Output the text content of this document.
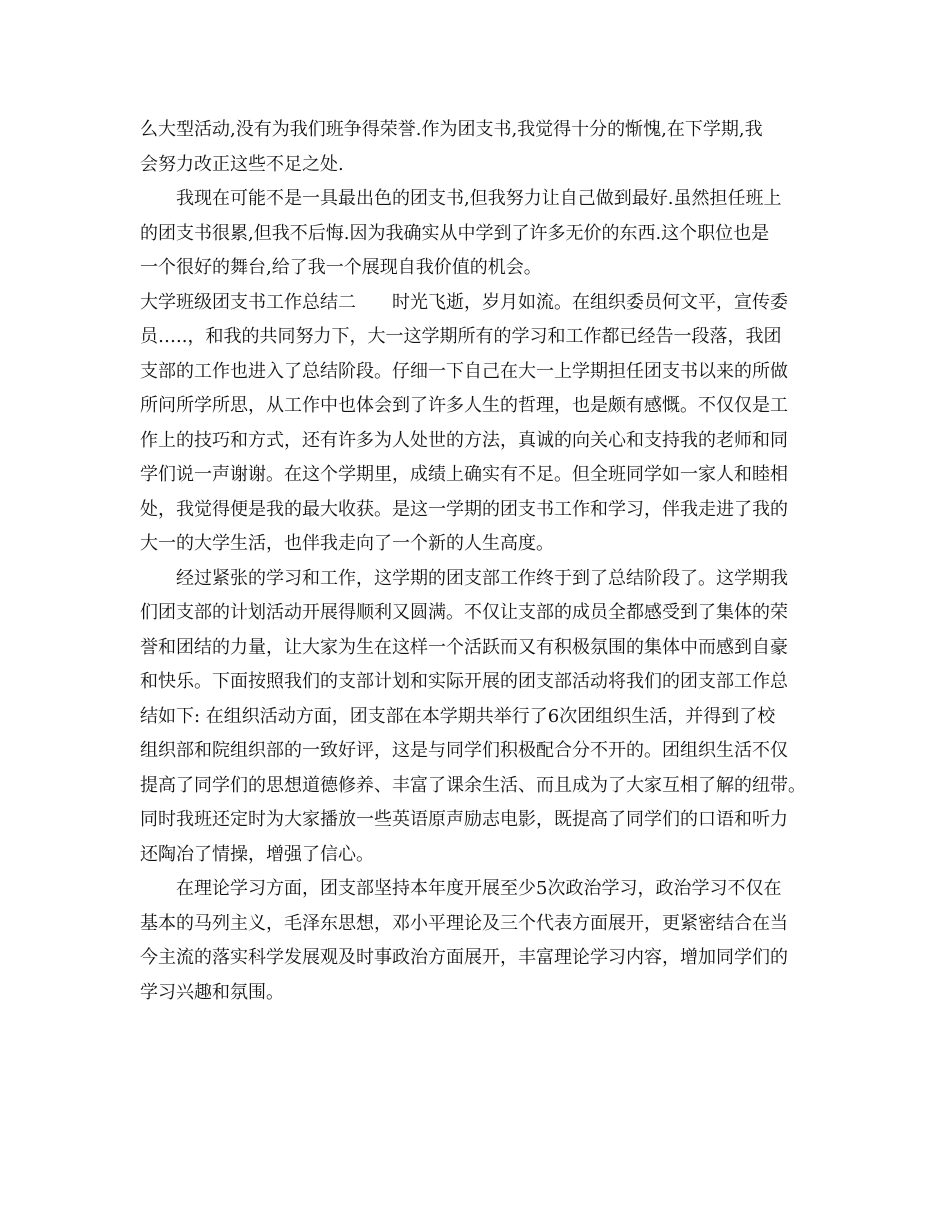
么大型活动,没有为我们班争得荣誉.作为团支书,我觉得十分的惭愧,在下学期,我
会努力改正这些不足之处.
我现在可能不是一具最出色的团支书,但我努力让自己做到最好.虽然担任班上
的团支书很累,但我不后悔.因为我确实从中学到了许多无价的东西.这个职位也是
一个很好的舞台,给了我一个展现自我价值的机会。
大学班级团支书工作总结二　　时光飞逝，岁月如流。在组织委员何文平，宣传委
员…..，和我的共同努力下，大一这学期所有的学习和工作都已经告一段落，我团
支部的工作也进入了总结阶段。仔细一下自己在大一上学期担任团支书以来的所做
所问所学所思，从工作中也体会到了许多人生的哲理，也是颇有感慨。不仅仅是工
作上的技巧和方式，还有许多为人处世的方法，真诚的向关心和支持我的老师和同
学们说一声谢谢。在这个学期里，成绩上确实有不足。但全班同学如一家人和睦相
处，我觉得便是我的最大收获。是这一学期的团支书工作和学习，伴我走进了我的
大一的大学生活，也伴我走向了一个新的人生高度。
经过紧张的学习和工作，这学期的团支部工作终于到了总结阶段了。这学期我
们团支部的计划活动开展得顺利又圆满。不仅让支部的成员全都感受到了集体的荣
誉和团结的力量，让大家为生在这样一个活跃而又有积极氛围的集体中而感到自豪
和快乐。下面按照我们的支部计划和实际开展的团支部活动将我们的团支部工作总
结如下: 在组织活动方面，团支部在本学期共举行了6次团组织生活，并得到了校
组织部和院组织部的一致好评，这是与同学们积极配合分不开的。团组织生活不仅
提高了同学们的思想道德修养、丰富了课余生活、而且成为了大家互相了解的纽带。
同时我班还定时为大家播放一些英语原声励志电影，既提高了同学们的口语和听力
还陶冶了情操，增强了信心。
在理论学习方面，团支部坚持本年度开展至少5次政治学习，政治学习不仅在
基本的马列主义，毛泽东思想，邓小平理论及三个代表方面展开，更紧密结合在当
今主流的落实科学发展观及时事政治方面展开，丰富理论学习内容，增加同学们的
学习兴趣和氛围。
